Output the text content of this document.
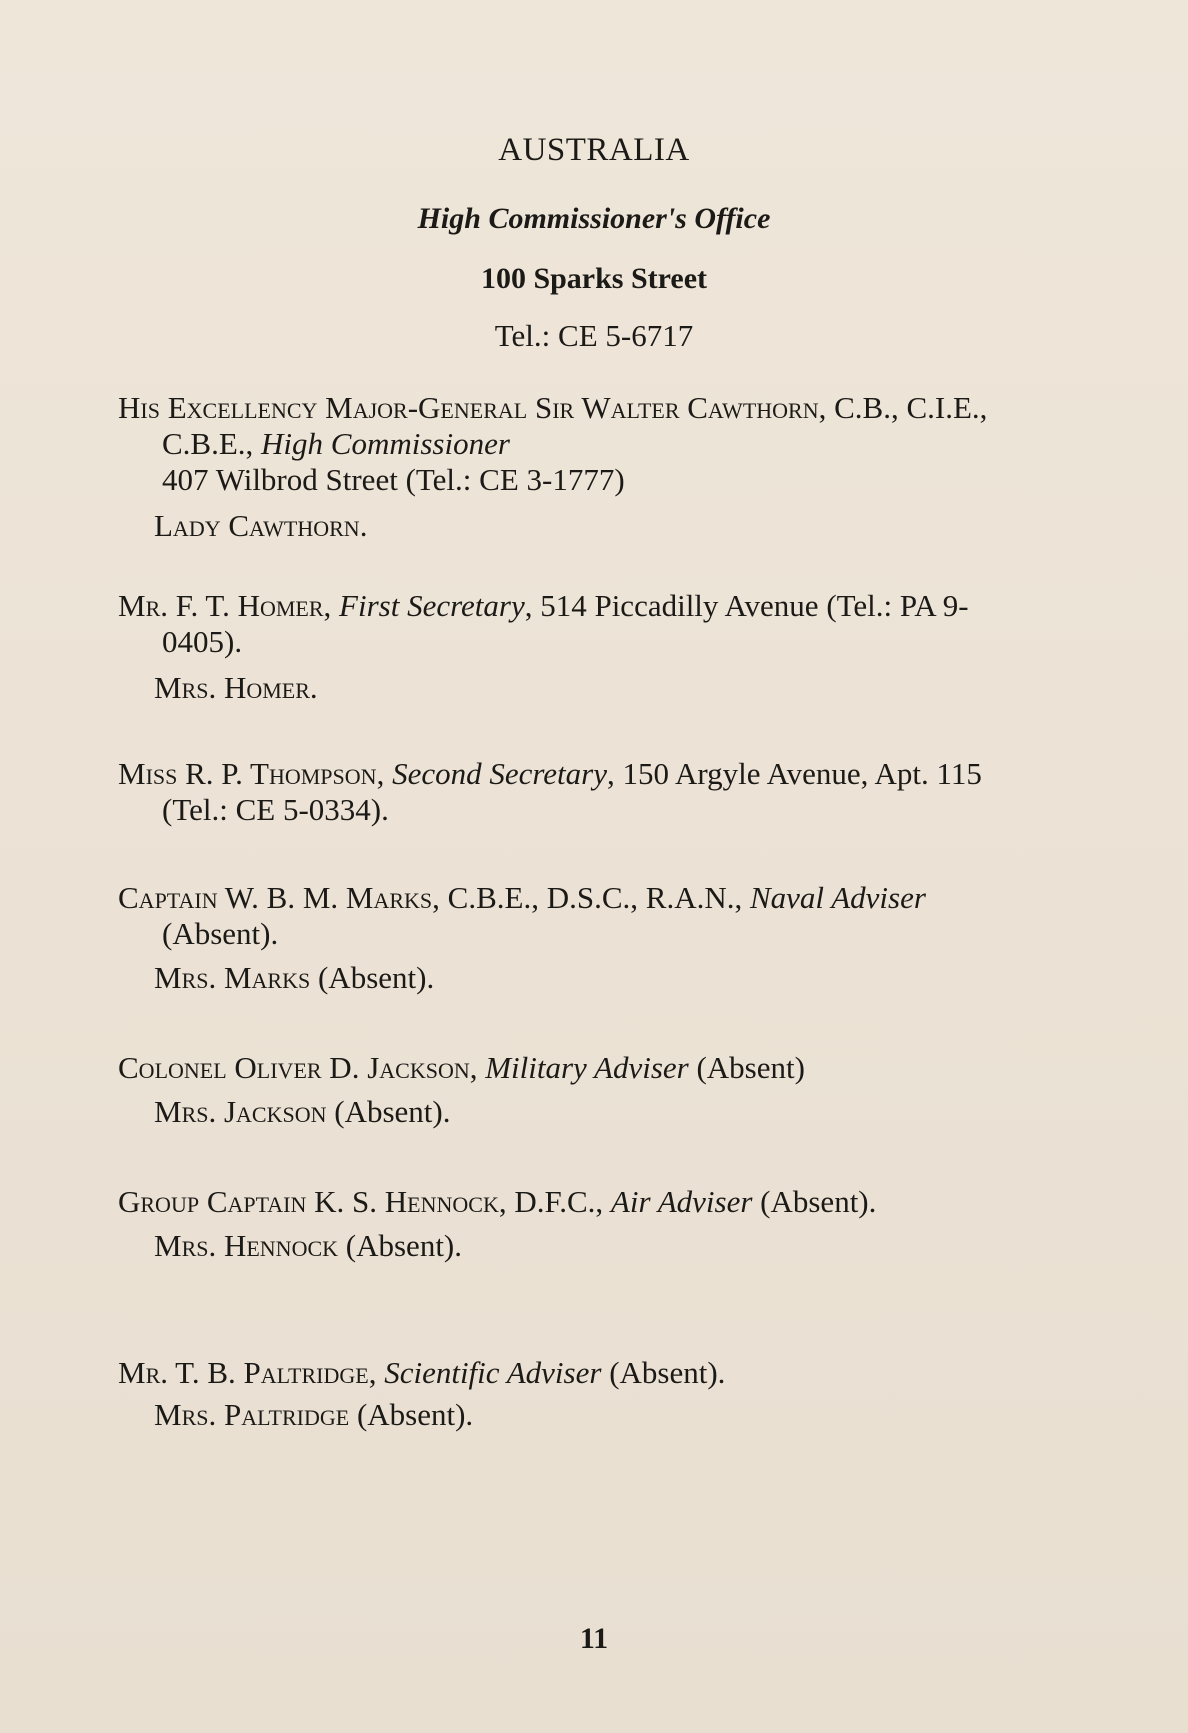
AUSTRALIA
High Commissioner's Office
100 Sparks Street
Tel.: CE 5-6717
His Excellency Major-General Sir Walter Cawthorn, C.B., C.I.E., C.B.E., High Commissioner
407 Wilbrod Street (Tel.: CE 3-1777)
Lady Cawthorn.
Mr. F. T. Homer, First Secretary, 514 Piccadilly Avenue (Tel.: PA 9-0405).
Mrs. Homer.
Miss R. P. Thompson, Second Secretary, 150 Argyle Avenue, Apt. 115 (Tel.: CE 5-0334).
Captain W. B. M. Marks, C.B.E., D.S.C., R.A.N., Naval Adviser (Absent).
Mrs. Marks (Absent).
Colonel Oliver D. Jackson, Military Adviser (Absent)
Mrs. Jackson (Absent).
Group Captain K. S. Hennock, D.F.C., Air Adviser (Absent).
Mrs. Hennock (Absent).
Mr. T. B. Paltridge, Scientific Adviser (Absent).
Mrs. Paltridge (Absent).
11
